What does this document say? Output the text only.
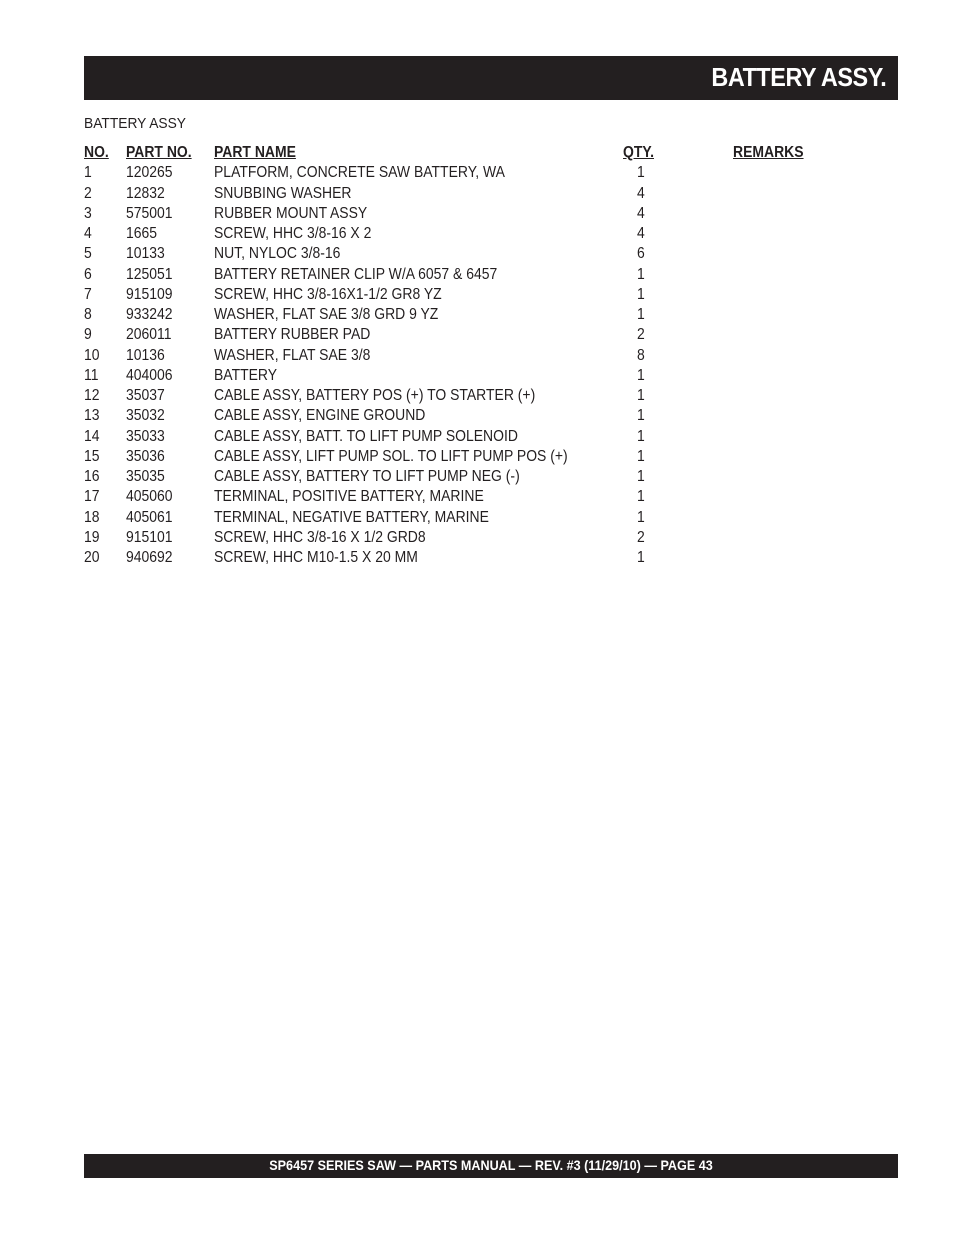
BATTERY ASSY.
BATTERY ASSY
NO. PART NO. PART NAME	QTY.	REMARKS
1 120265	PLATFORM, CONCRETE SAW BATTERY, WA	1
2 12832	SNUBBING WASHER	4
3 575001	RUBBER MOUNT ASSY	4
4 1665	SCREW, HHC 3/8-16 X 2	4
5 10133	NUT, NYLOC 3/8-16	6
6 125051	BATTERY RETAINER CLIP W/A 6057 & 6457	1
7 915109	SCREW, HHC 3/8-16X1-1/2 GR8 YZ	1
8 933242	WASHER, FLAT SAE 3/8 GRD 9 YZ	1
9 206011	BATTERY RUBBER PAD	2
10 10136	WASHER, FLAT SAE 3/8	8
11 404006	BATTERY	1
12 35037	CABLE ASSY, BATTERY POS (+) TO STARTER (+)	1
13 35032	CABLE ASSY, ENGINE GROUND	1
14 35033	CABLE ASSY, BATT. TO LIFT PUMP SOLENOID	1
15 35036	CABLE ASSY, LIFT PUMP SOL. TO LIFT PUMP POS (+)	1
16 35035	CABLE ASSY, BATTERY TO LIFT PUMP NEG (-)	1
17 405060	TERMINAL, POSITIVE BATTERY, MARINE	1
18 405061	TERMINAL, NEGATIVE BATTERY, MARINE	1
19 915101	SCREW, HHC 3/8-16 X 1/2 GRD8	2
20 940692	SCREW, HHC M10-1.5 X 20 MM	1
SP6457 SERIES SAW — PARTS MANUAL — REV. #3 (11/29/10) — PAGE 43
